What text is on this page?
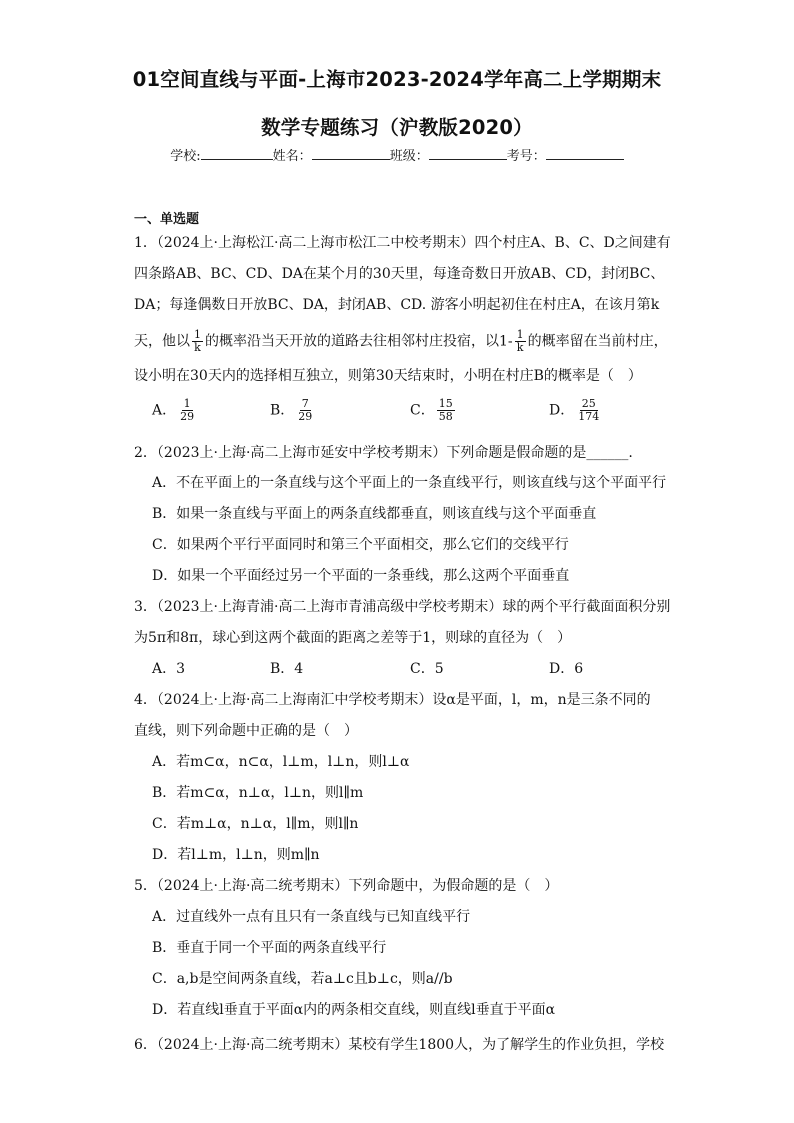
01空间直线与平面-上海市2023-2024学年高二上学期期末
数学专题练习（沪教版2020）
学校:	姓名：	班级：	考号：
一、单选题
1．（2024上·上海松江·高二上海市松江二中校考期末）四个村庄A、B、C、D之间建有
四条路AB、BC、CD、DA在某个月的30天里，每逢奇数日开放AB、CD，封闭BC、
DA；每逢偶数日开放BC、DA，封闭AB、CD. 游客小明起初住在村庄A，在该月第k
天，他以 $\frac{1}{k}$ 的概率沿当天开放的道路去往相邻村庄投宿，以$1- \frac{1}{k}$ 的概率留在当前村庄，
设小明在30天内的选择相互独立，则第30天结束时，小明在村庄B的概率是（　）
A． $\frac{1}{29}$	B． $\frac{7}{29}$	C． $\frac{15}{58}$	D． $\frac{25}{174}$
2．（2023上·上海·高二上海市延安中学校考期末）下列命题是假命题的是______.
A．不在平面上的一条直线与这个平面上的一条直线平行，则该直线与这个平面平行
B．如果一条直线与平面上的两条直线都垂直，则该直线与这个平面垂直
C．如果两个平行平面同时和第三个平面相交，那么它们的交线平行
D．如果一个平面经过另一个平面的一条垂线，那么这两个平面垂直
3．（2023上·上海青浦·高二上海市青浦高级中学校考期末）球的两个平行截面面积分别
为5π和8π，球心到这两个截面的距离之差等于1，则球的直径为（　）
A．3	B．4	C．5	D．6
4．（2024上·上海·高二上海南汇中学校考期末）设α是平面，l，m，n是三条不同的
直线，则下列命题中正确的是（　）
A．若m⊂α，n⊂α，l⊥m，l⊥n，则l⊥α
B．若m⊂α，n⊥α，l⊥n，则l∥m
C．若m⊥α，n⊥α，l∥m，则l∥n
D．若l⊥m，l⊥n，则m∥n
5．（2024上·上海·高二统考期末）下列命题中，为假命题的是（　）
A．过直线外一点有且只有一条直线与已知直线平行
B．垂直于同一个平面的两条直线平行
C．a,b是空间两条直线，若a⊥c且b⊥c，则a//b
D．若直线l垂直于平面α内的两条相交直线，则直线l垂直于平面α
6．（2024上·上海·高二统考期末）某校有学生1800人，为了解学生的作业负担，学校
